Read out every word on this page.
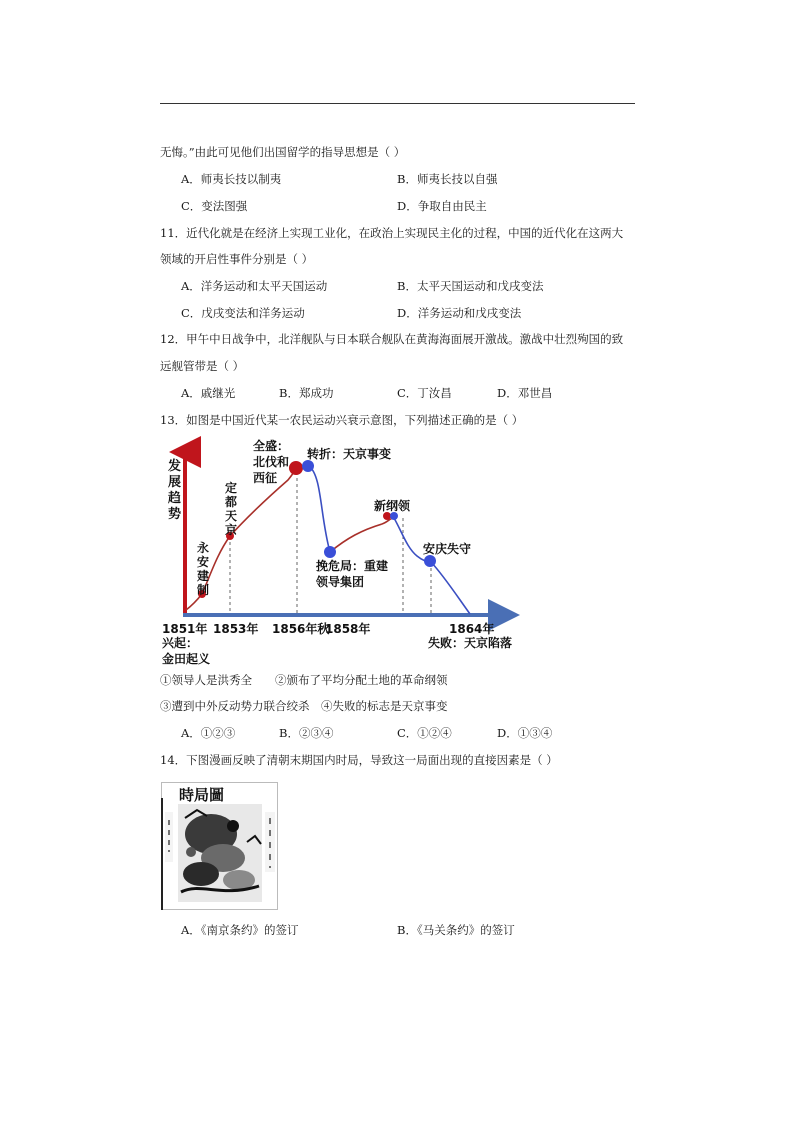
无悔。”由此可见他们出国留学的指导思想是（ ）
A．师夷长技以制夷	B．师夷长技以自强
C．变法图强	D．争取自由民主
11．近代化就是在经济上实现工业化，在政治上实现民主化的过程，中国的近代化在这两大
领域的开启性事件分别是（ ）
A．洋务运动和太平天国运动	B．太平天国运动和戊戌变法
C．戊戌变法和洋务运动	D．洋务运动和戊戌变法
12．甲午中日战争中，北洋舰队与日本联合舰队在黄海海面展开激战。激战中壮烈殉国的致
远舰管带是（ ）
A．戚继光	B．郑成功	C．丁汝昌	D．邓世昌
13．如图是中国近代某一农民运动兴衰示意图，下列描述正确的是（ ）
发
展
趋
势
永
安
建
制
定
都
天
京
全盛：
北伐和
西征
转折：天京事变
挽危局：重建
领导集团
新纲领
安庆失守
1851年 1853年 1856年秋
1858年	1864年
兴起：
金田起义
失败：天京陷落
①领导人是洪秀全　　②颁布了平均分配土地的革命纲领
③遭到中外反动势力联合绞杀　④失败的标志是天京事变
A．①②③	B．②③④	C．①②④	D．①③④
14．下图漫画反映了清朝末期国内时局，导致这一局面出现的直接因素是（ ）
時局圖
A．《南京条约》的签订	B．《马关条约》的签订
